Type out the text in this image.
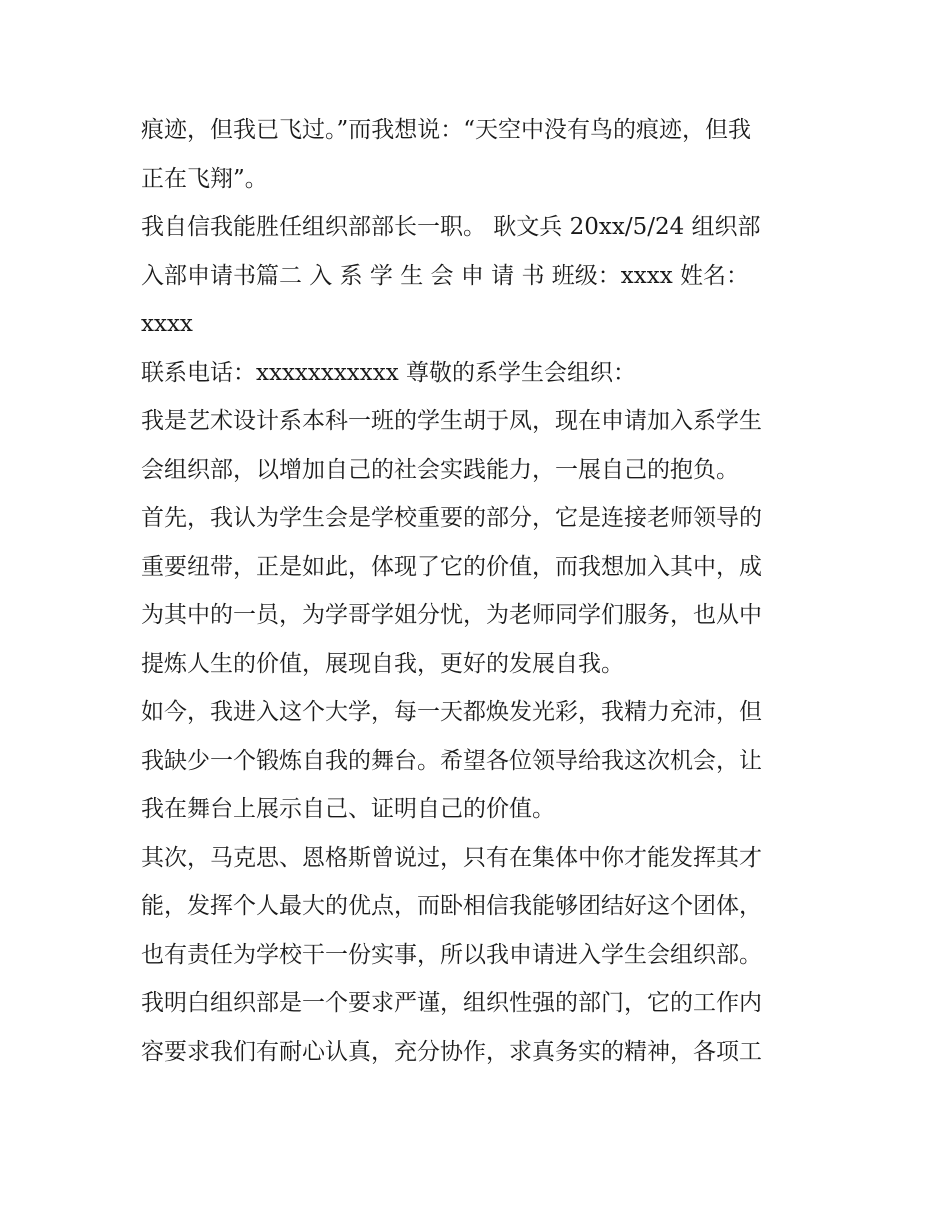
痕迹，但我已飞过。”而我想说：“天空中没有鸟的痕迹，但我
正在飞翔”。
我自信我能胜任组织部部长一职。 耿文兵 20xx/5/24 组织部
入部申请书篇二 入 系 学 生 会 申 请 书 班级：xxxx 姓名：
xxxx
联系电话：xxxxxxxxxxx 尊敬的系学生会组织：
我是艺术设计系本科一班的学生胡于凤，现在申请加入系学生
会组织部，以增加自己的社会实践能力，一展自己的抱负。
首先，我认为学生会是学校重要的部分，它是连接老师领导的
重要纽带，正是如此，体现了它的价值，而我想加入其中，成
为其中的一员，为学哥学姐分忧，为老师同学们服务，也从中
提炼人生的价值，展现自我，更好的发展自我。
如今，我进入这个大学，每一天都焕发光彩，我精力充沛，但
我缺少一个锻炼自我的舞台。希望各位领导给我这次机会，让
我在舞台上展示自己、证明自己的价值。
其次，马克思、恩格斯曾说过，只有在集体中你才能发挥其才
能，发挥个人最大的优点，而卧相信我能够团结好这个团体，
也有责任为学校干一份实事，所以我申请进入学生会组织部。
我明白组织部是一个要求严谨，组织性强的部门，它的工作内
容要求我们有耐心认真，充分协作，求真务实的精神，各项工
